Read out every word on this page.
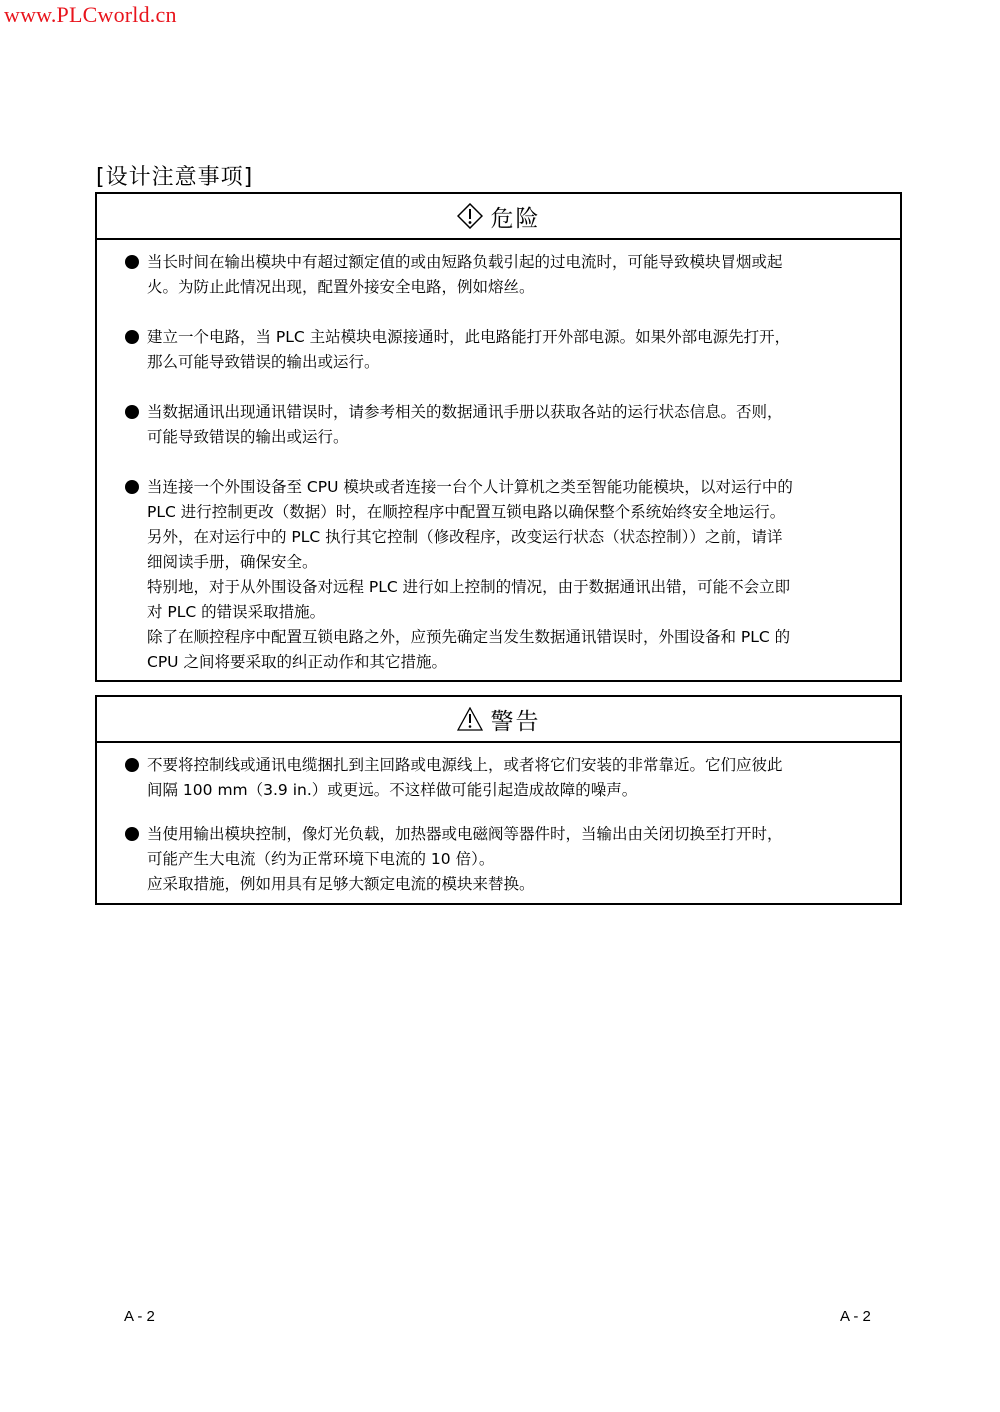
www.PLCworld.cn
[设计注意事项]
危险
当长时间在输出模块中有超过额定值的或由短路负载引起的过电流时，可能导致模块冒烟或起
火。为防止此情况出现，配置外接安全电路，例如熔丝。
建立一个电路，当 PLC 主站模块电源接通时，此电路能打开外部电源。如果外部电源先打开，
那么可能导致错误的输出或运行。
当数据通讯出现通讯错误时，请参考相关的数据通讯手册以获取各站的运行状态信息。否则，
可能导致错误的输出或运行。
当连接一个外围设备至 CPU 模块或者连接一台个人计算机之类至智能功能模块，以对运行中的
PLC 进行控制更改（数据）时，在顺控程序中配置互锁电路以确保整个系统始终安全地运行。
另外，在对运行中的 PLC 执行其它控制（修改程序，改变运行状态（状态控制））之前，请详
细阅读手册，确保安全。
特别地，对于从外围设备对远程 PLC 进行如上控制的情况，由于数据通讯出错，可能不会立即
对 PLC 的错误采取措施。
除了在顺控程序中配置互锁电路之外，应预先确定当发生数据通讯错误时，外围设备和 PLC 的
CPU 之间将要采取的纠正动作和其它措施。
警告
不要将控制线或通讯电缆捆扎到主回路或电源线上，或者将它们安装的非常靠近。它们应彼此
间隔 100 mm（3.9 in.）或更远。不这样做可能引起造成故障的噪声。
当使用输出模块控制，像灯光负载，加热器或电磁阀等器件时，当输出由关闭切换至打开时，
可能产生大电流（约为正常环境下电流的 10 倍）。
应采取措施，例如用具有足够大额定电流的模块来替换。
A - 2	A - 2
